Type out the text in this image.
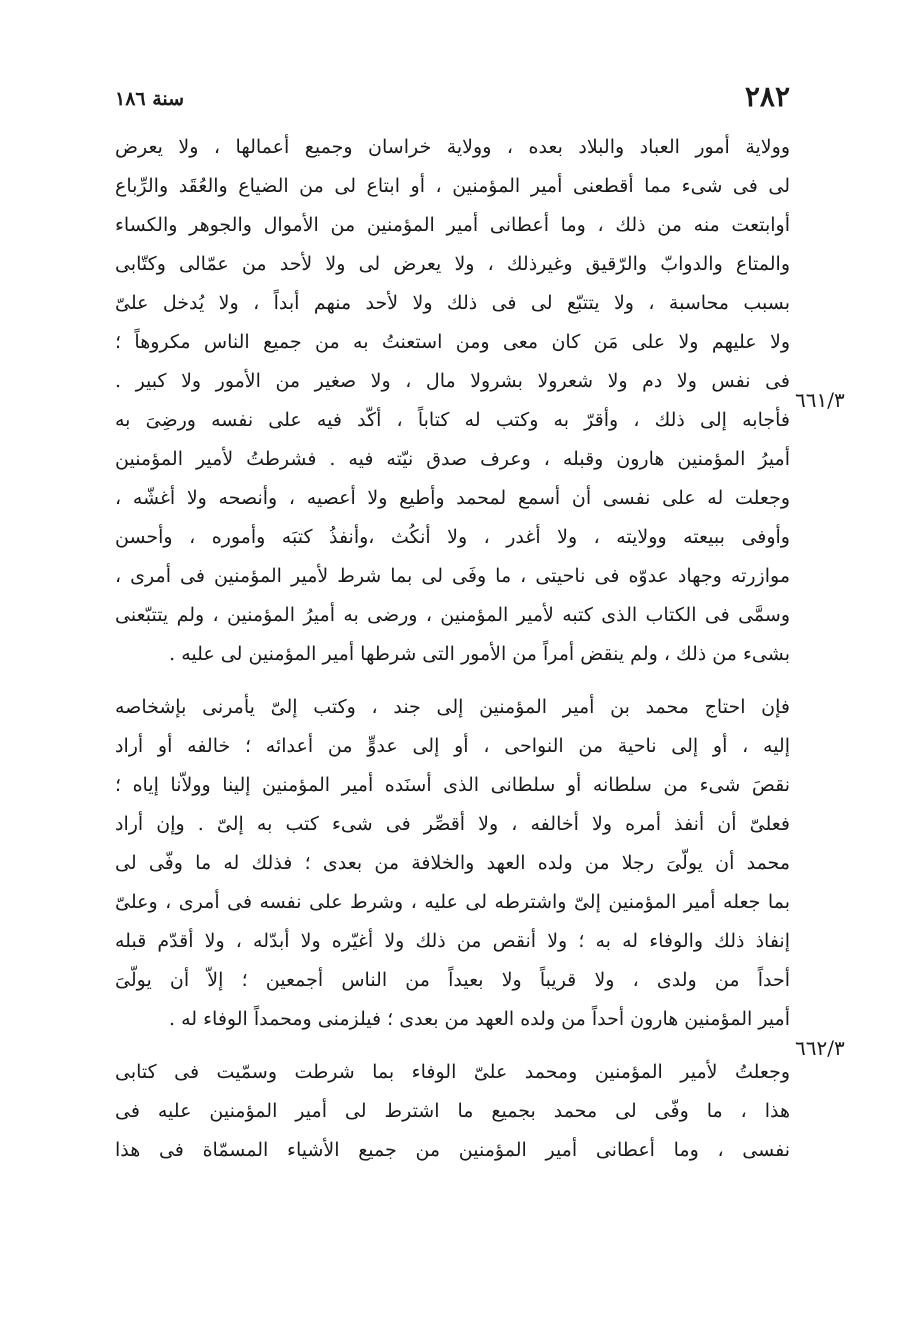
٢٨٢
سنة ١٨٦
٦٦١/٣
٦٦٢/٣
وولاية أمور العباد والبلاد بعده ، وولاية خراسان وجميع أعمالها ، ولا يعرض
لى فى شىء مما أقطعنى أمير المؤمنين ، أو ابتاع لى من الضياع والعُقَد والرِّباع
أوابتعت منه من ذلك ، وما أعطانى أمير المؤمنين من الأموال والجوهر والكساء
والمتاع والدوابّ والرّقيق وغيرذلك ، ولا يعرض لى ولا لأحد من عمّالى وكتّابى
بسبب محاسبة ، ولا يتتبّع لى فى ذلك ولا لأحد منهم أبداً ، ولا يُدخل علىّ
ولا عليهم ولا على مَن كان معى ومن استعنتُ به من جميع الناس مكروهاً ؛
فى نفس ولا دم ولا شعرولا بشرولا مال ، ولا صغير من الأمور ولا كبير .
فأجابه إلى ذلك ، وأقرّ به وكتب له كتاباً ، أكّد فيه على نفسه ورضِىَ به
أميرُ المؤمنين هارون وقبله ، وعرف صدق نيّته فيه . فشرطتُ لأمير المؤمنين
وجعلت له على نفسى أن أسمع لمحمد وأطيع ولا أعصيه ، وأنصحه ولا أغشّه ،
وأوفى ببيعته وولايته ، ولا أغدر ، ولا أنكُث ،وأنفذُ كتبَه وأموره ، وأحسن
موازرته وجهاد عدوّه فى ناحيتى ، ما وفَى لى بما شرط لأمير المؤمنين فى أمرى ،
وسمَّى فى الكتاب الذى كتبه لأمير المؤمنين ، ورضى به أميرُ المؤمنين ، ولم يتتبّعنى
بشىء من ذلك ، ولم ينقض أمراً من الأمور التى شرطها أمير المؤمنين لى عليه .
فإن احتاج محمد بن أمير المؤمنين إلى جند ، وكتب إلىّ يأمرنى بإشخاصه
إليه ، أو إلى ناحية من النواحى ، أو إلى عدوٍّ من أعدائه ؛ خالفه أو أراد
نقصَ شىء من سلطانه أو سلطانى الذى أسنَده أمير المؤمنين إلينا وولاّنا إياه ؛
فعلىّ أن أنفذ أمره ولا أخالفه ، ولا أقصِّر فى شىء كتب به إلىّ . وإن أراد
محمد أن يولّىَ رجلا من ولده العهد والخلافة من بعدى ؛ فذلك له ما وفّى لى
بما جعله أمير المؤمنين إلىّ واشترطه لى عليه ، وشرط على نفسه فى أمرى ، وعلىّ
إنفاذ ذلك والوفاء له به ؛ ولا أنقص من ذلك ولا أغيّره ولا أبدّله ، ولا أقدّم قبله
أحداً من ولدى ، ولا قريباً ولا بعيداً من الناس أجمعين ؛ إلاّ أن يولّىَ
أمير المؤمنين هارون أحداً من ولده العهد من بعدى ؛ فيلزمنى ومحمداً الوفاء له .
وجعلتُ لأمير المؤمنين ومحمد علىّ الوفاء بما شرطت وسمّيت فى كتابى
هذا ، ما وفّى لى محمد بجميع ما اشترط لى أمير المؤمنين عليه فى
نفسى ، وما أعطانى أمير المؤمنين من جميع الأشياء المسمّاة فى هذا
